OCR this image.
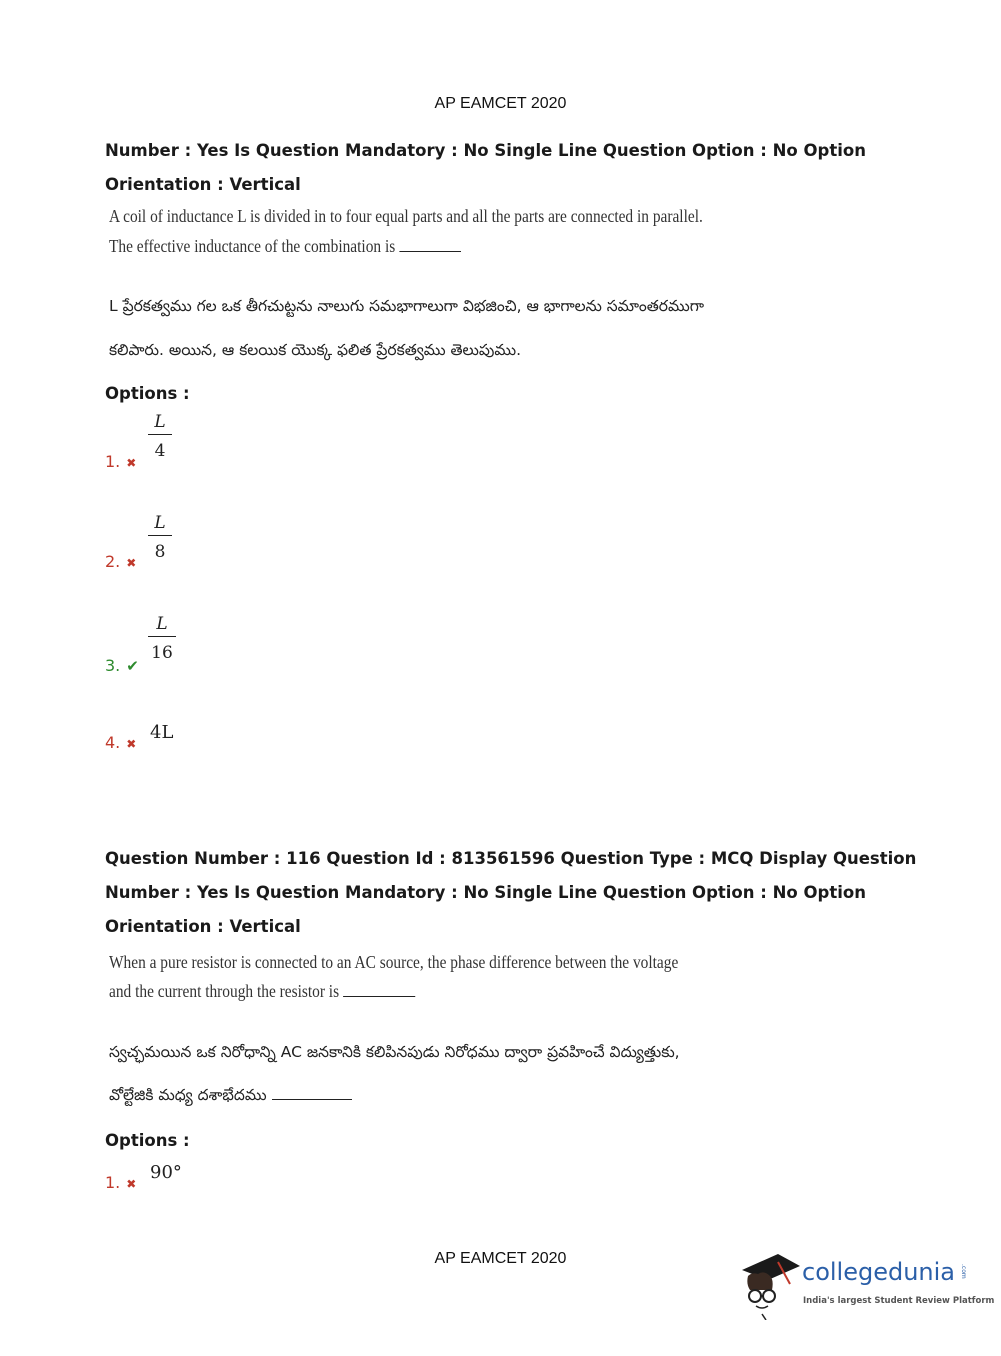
AP EAMCET 2020
Number : Yes Is Question Mandatory : No Single Line Question Option : No Option
Orientation : Vertical
A coil of inductance L is divided in to four equal parts and all the parts are connected in parallel.
The effective inductance of the combination is
L ప్రేరకత్వము గల ఒక తీగచుట్టను నాలుగు సమభాగాలుగా విభజించి, ఆ భాగాలను సమాంతరముగా
కలిపారు. అయిన, ఆ కలయిక యొక్క ఫలిత ప్రేరకత్వము తెలుపుము.
Options :
1. ✖
L
4
2. ✖
L
8
3. ✔
L
16
4. ✖
4L
Question Number : 116 Question Id : 813561596 Question Type : MCQ Display Question
Number : Yes Is Question Mandatory : No Single Line Question Option : No Option
Orientation : Vertical
When a pure resistor is connected to an AC source, the phase difference between the voltage
and the current through the resistor is
స్వచ్ఛమయిన ఒక నిరోధాన్ని AC జనకానికి కలిపినపుడు నిరోధము ద్వారా ప్రవహించే విద్యుత్తుకు,
వోల్టేజికి మధ్య దశాభేదము
Options :
1. ✖
90°
AP EAMCET 2020	collegedunia .com
India's largest Student Review Platform
